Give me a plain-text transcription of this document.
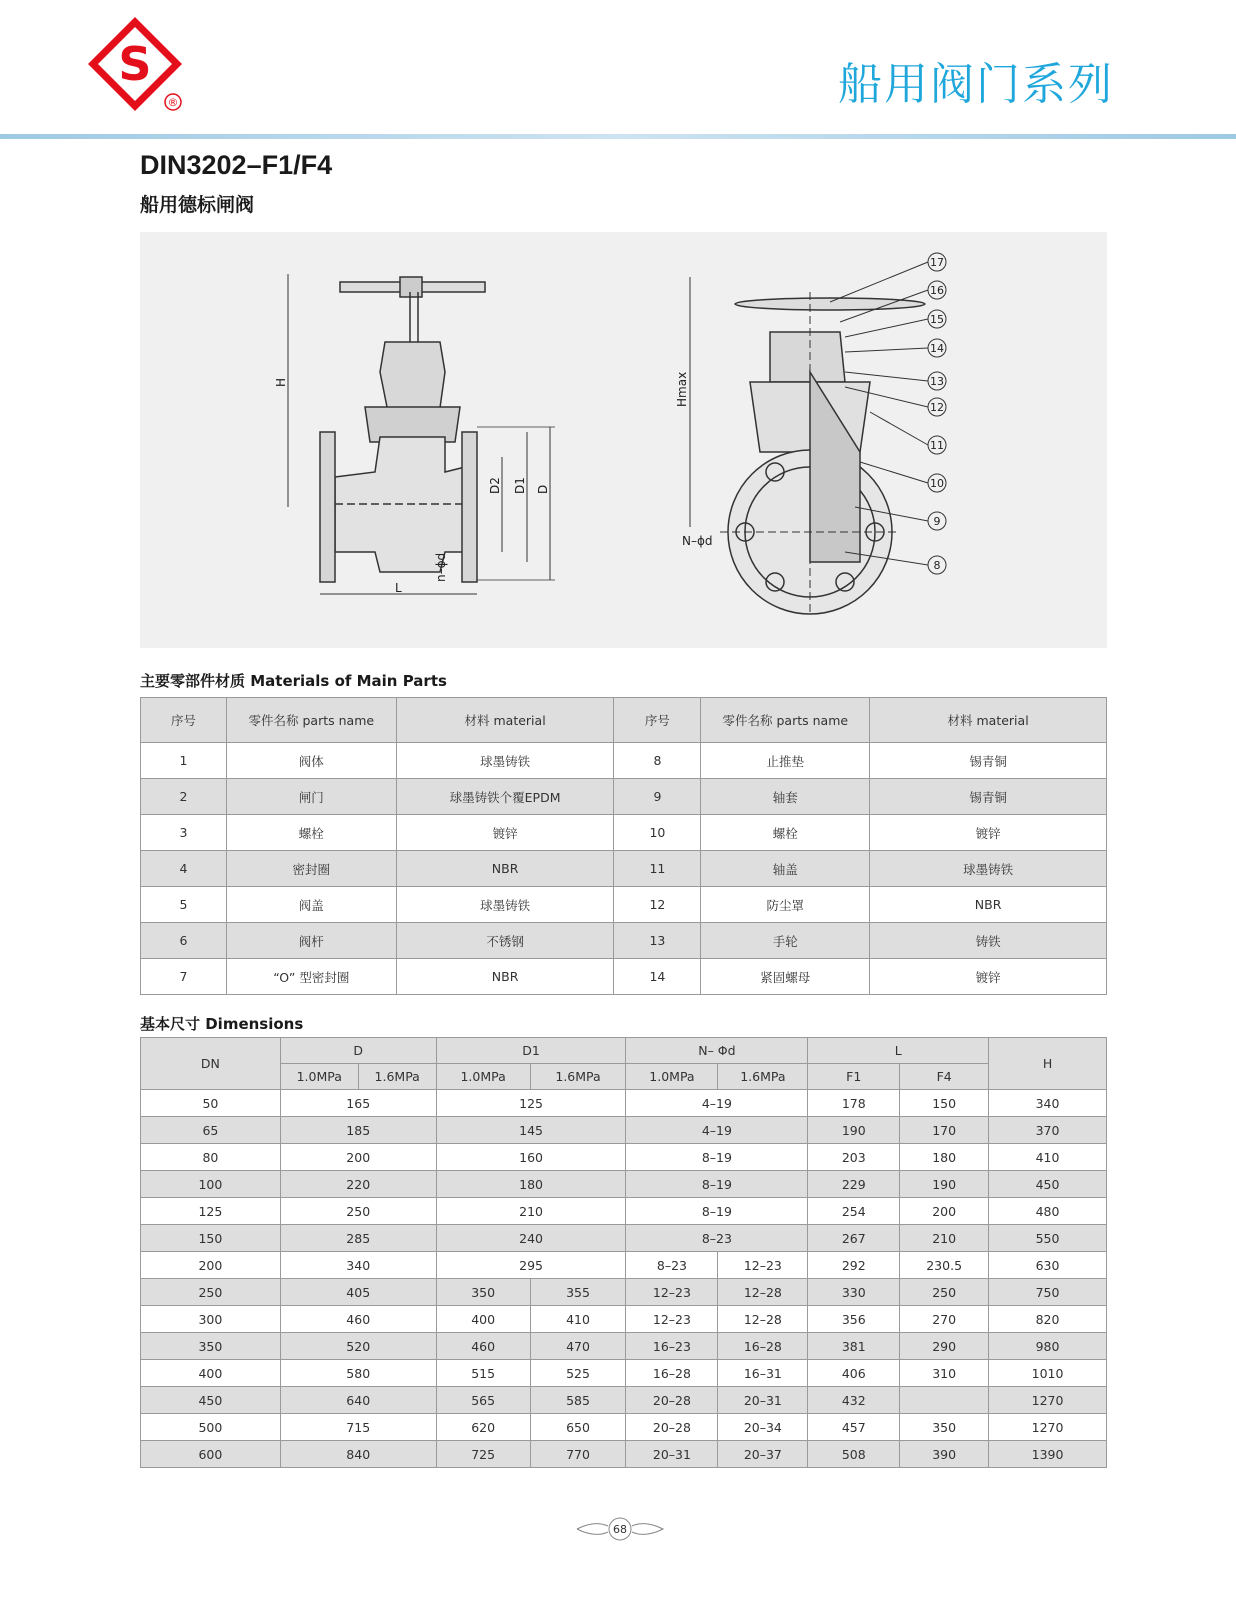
S
®	船用阀门系列
DIN3202–F1/F4
船用德标闸阀
H
L
D2 D1 D
n–ϕd
Hmax
N–ϕd
17
16
15
14
13
12
11
10
9
8
主要零部件材质 Materials of Main Parts
序号	零件名称 parts name	材料 material	序号	零件名称 parts name	材料 material
1	阀体	球墨铸铁	8	止推垫	锡青铜
2	闸门	球墨铸铁个覆EPDM	9	轴套	锡青铜
3	螺栓	镀锌	10	螺栓	镀锌
4	密封圈	NBR	11	轴盖	球墨铸铁
5	阀盖	球墨铸铁	12	防尘罩	NBR
6	阀杆	不锈钢	13	手轮	铸铁
7	“O” 型密封圈	NBR	14	紧固螺母	镀锌
基本尺寸 Dimensions
DN	D		D1		N– Φd		L		H
	1.0MPa	1.6MPa	1.0MPa	1.6MPa	1.0MPa	1.6MPa	F1	F4	
50	165		125		4–19		178	150	340
65	185		145		4–19		190	170	370
80	200		160		8–19		203	180	410
100	220		180		8–19		229	190	450
125	250		210		8–19		254	200	480
150	285		240		8–23		267	210	550
200	340		295		8–23	12–23	292	230.5	630
250	405		350	355	12–23	12–28	330	250	750
300	460		400	410	12–23	12–28	356	270	820
350	520		460	470	16–23	16–28	381	290	980
400	580		515	525	16–28	16–31	406	310	1010
450	640		565	585	20–28	20–31	432		1270
500	715		620	650	20–28	20–34	457	350	1270
600	840		725	770	20–31	20–37	508	390	1390
68
